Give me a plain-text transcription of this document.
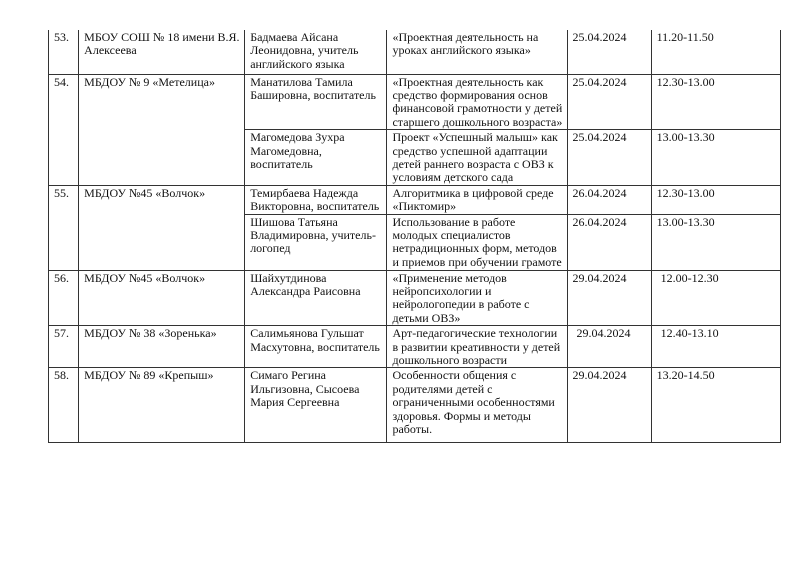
53.	МБОУ СОШ № 18 имени В.Я. Алексеева	Бадмаева Айсана Леонидовна, учитель английского языка	«Проектная деятельность на уроках английского языка»	25.04.2024	11.20-11.50
54.	МБДОУ № 9 «Метелица»	Манатилова Тамила Башировна, воспитатель	«Проектная деятельность как средство формирования основ финансовой грамотности у детей старшего дошкольного возраста»	25.04.2024	12.30-13.00
		Магомедова Зухра Магомедовна, воспитатель	Проект «Успешный малыш» как средство успешной адаптации детей раннего возраста с ОВЗ к условиям детского сада	25.04.2024	13.00-13.30
55.	МБДОУ №45 «Волчок»	Темирбаева Надежда Викторовна, воспитатель	Алгоритмика в цифровой среде «Пиктомир»	26.04.2024	12.30-13.00
		Шишова Татьяна Владимировна, учитель-логопед	Использование в работе молодых специалистов нетрадиционных форм, методов и приемов при обучении грамоте	26.04.2024	13.00-13.30
56.	МБДОУ №45 «Волчок»	Шайхутдинова Александра Раисовна	«Применение методов нейропсихологии и нейрологопедии в работе с детьми ОВЗ»	29.04.2024	12.00-12.30
57.	МБДОУ № 38 «Зоренька»	Салимьянова Гульшат Масхутовна, воспитатель	Арт-педагогические технологии в развитии креативности у детей дошкольного возрасти	29.04.2024	12.40-13.10
58.	МБДОУ № 89 «Крепыш»	Симаго Регина Ильгизовна, Сысоева Мария Сергеевна	Особенности общения с родителями детей с ограниченными особенностями здоровья. Формы и методы работы.	29.04.2024	13.20-14.50
